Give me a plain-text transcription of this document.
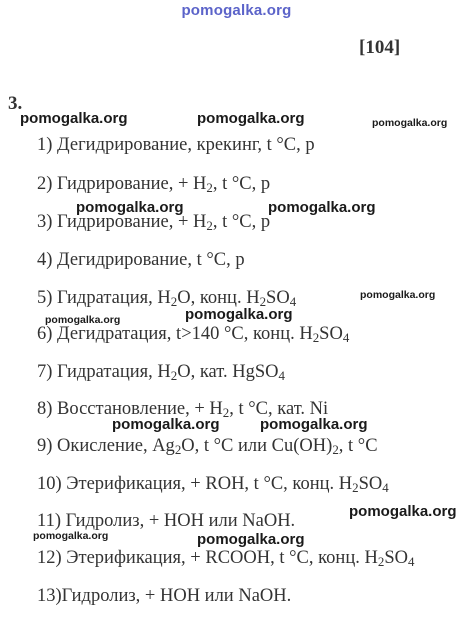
pomogalka.org
[104]
3.
1) Дегидрирование, крекинг, t °C, p
2) Гидрирование, + $H_2$, t °C, p
3) Гидрирование, + $H_2$, t °C, p
4) Дегидрирование, t °C, p
5) Гидратация, $H_2O$, конц. $H_2SO_4$
6) Дегидратация, t>140 °C, конц. $H_2SO_4$
7) Гидратация, $H_2O$, кат. HgSO$_4$
8) Восстановление, + $H_2$, t °C, кат. Ni
9) Окисление, $Ag_2O$, t °C или $Cu(OH)_2$, t °C
10) Этерификация, + ROH, t °C, конц. $H_2SO_4$
11) Гидролиз, + HOH или NaOH.
12) Этерификация, + RCOOH, t °C, конц. $H_2SO_4$
13)Гидролиз, + HOH или NaOH.
pomogalka.org	pomogalka.org	pomogalka.org
pomogalka.org	pomogalka.org
pomogalka.org
pomogalka.org	pomogalka.org
pomogalka.org	pomogalka.org
pomogalka.org
pomogalka.org	pomogalka.org
